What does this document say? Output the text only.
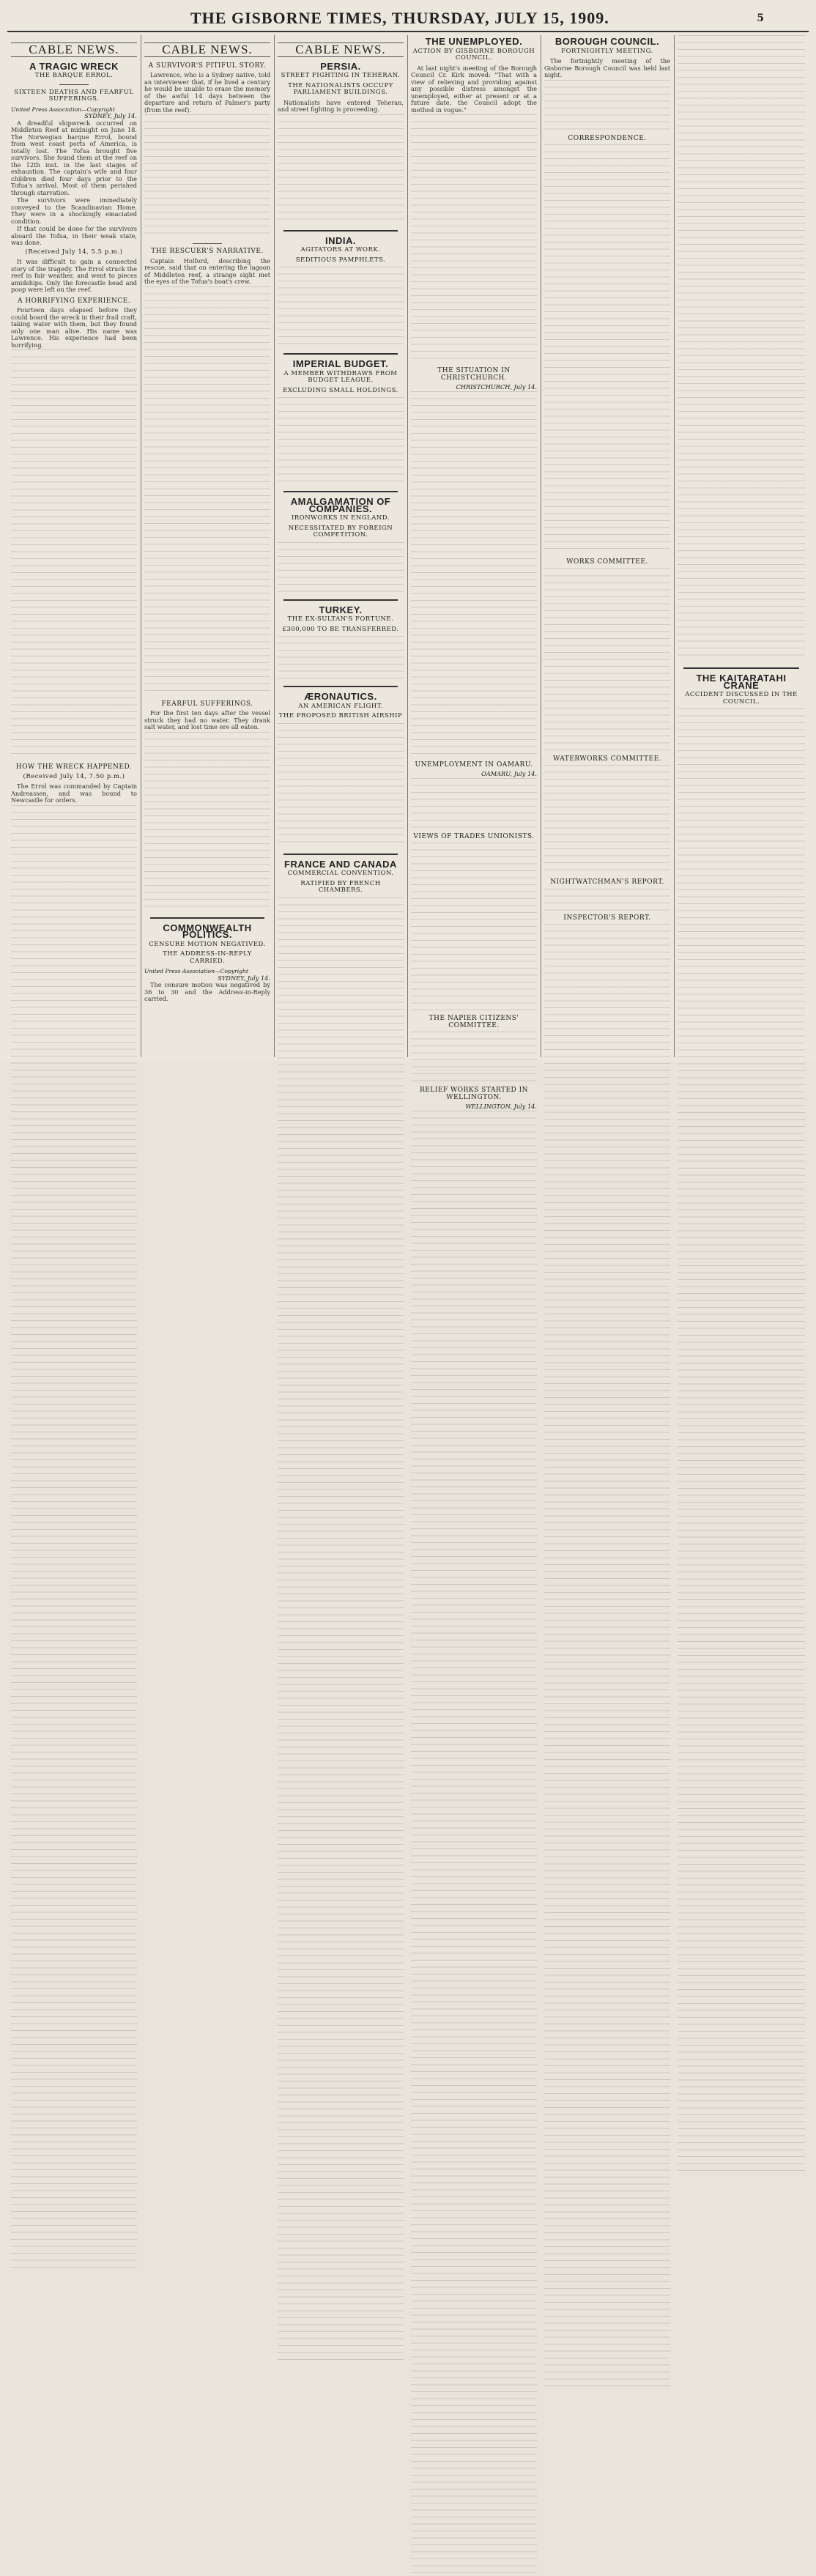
THE GISBORNE TIMES, THURSDAY, JULY 15, 1909.	5
CABLE NEWS.
A TRAGIC WRECK
THE BARQUE ERROL.
SIXTEEN DEATHS AND FEARFUL SUFFERINGS.
United Press Association—Copyright
SYDNEY, July 14.

A dreadful shipwreck occurred on Middleton Reef at midnight on June 18. The Norwegian barque Errol, bound from west coast ports of America, is totally lost. The Tofua brought five survivors. She found them at the reef on the 12th inst. in the last stages of exhaustion. The captain's wife and four children died four days prior to the Tofua's arrival. Most of them perished through starvation.

The survivors were immediately conveyed to the Scandinavian Home. They were in a shockingly emaciated condition.

If that could be done for the survivors aboard the Tofua, in their weak state, was done.

(Received July 14, 5.5 p.m.)

It was difficult to gain a connected story of the tragedy. The Errol struck the reef in fair weather, and went to pieces amidships. Only the forecastle head and poop were left on the reef.

A HORRIFYING EXPERIENCE.

Fourteen days elapsed before they could board the wreck in their frail craft, taking water with them, but they found only one man alive. His name was Lawrence. His experience had been horrifying.

HOW THE WRECK HAPPENED.
(Received July 14, 7.50 p.m.)

The Errol was commanded by Captain Andreassen, and was bound to Newcastle for orders.

CABLE NEWS.
A SURVIVOR'S PITIFUL STORY.

Lawrence, who is a Sydney native, told an interviewer that, if he lived a century he would be unable to erase the memory of the awful 14 days between the departure and return of Palmer's party (from the reef).

THE RESCUER'S NARRATIVE.

Captain Holford, describing the rescue, said that on entering the lagoon of Middleton reef, a strange sight met the eyes of the Tofua's boat's crew.

FEARFUL SUFFERINGS.

For the first ten days after the vessel struck they had no water. They drank salt water, and lost time ere all eaten.

COMMONWEALTH POLITICS.
CENSURE MOTION NEGATIVED.
THE ADDRESS-IN-REPLY CARRIED.
United Press Association—Copyright
SYDNEY, July 14.

The censure motion was negatived by 36 to 30 and the Address-in-Reply carried.

CABLE NEWS.
PERSIA.
STREET FIGHTING IN TEHERAN.
THE NATIONALISTS OCCUPY PARLIAMENT BUILDINGS.

Nationalists have entered Teheran, and street fighting is proceeding.

INDIA.
AGITATORS AT WORK.
SEDITIOUS PAMPHLETS.
IMPERIAL BUDGET.
A MEMBER WITHDRAWS FROM BUDGET LEAGUE.
EXCLUDING SMALL HOLDINGS.
AMALGAMATION OF COMPANIES.
IRONWORKS IN ENGLAND.
NECESSITATED BY FOREIGN COMPETITION.
TURKEY.
THE EX-SULTAN'S FORTUNE.
£300,000 TO BE TRANSFERRED.
ÆRONAUTICS.
AN AMERICAN FLIGHT.
THE PROPOSED BRITISH AIRSHIP
FRANCE AND CANADA
COMMERCIAL CONVENTION.
RATIFIED BY FRENCH CHAMBERS.
THE UNEMPLOYED.
ACTION BY GISBORNE BOROUGH COUNCIL.

At last night's meeting of the Borough Council Cr. Kirk moved: "That with a view of relieving and providing against any possible distress amongst the unemployed, either at present or at a future date, the Council adopt the method in vogue."

THE SITUATION IN CHRISTCHURCH.
CHRISTCHURCH, July 14.
UNEMPLOYMENT IN OAMARU.
OAMARU, July 14.
VIEWS OF TRADES UNIONISTS.
THE NAPIER CITIZENS' COMMITTEE.
RELIEF WORKS STARTED IN WELLINGTON.
WELLINGTON, July 14.
BOROUGH COUNCIL.
FORTNIGHTLY MEETING.

The fortnightly meeting of the Gisborne Borough Council was held last night.

CORRESPONDENCE.
WORKS COMMITTEE.
WATERWORKS COMMITTEE.
NIGHTWATCHMAN'S REPORT.
INSPECTOR'S REPORT.
THE KAITARATAHI CRANE
ACCIDENT DISCUSSED IN THE COUNCIL.
